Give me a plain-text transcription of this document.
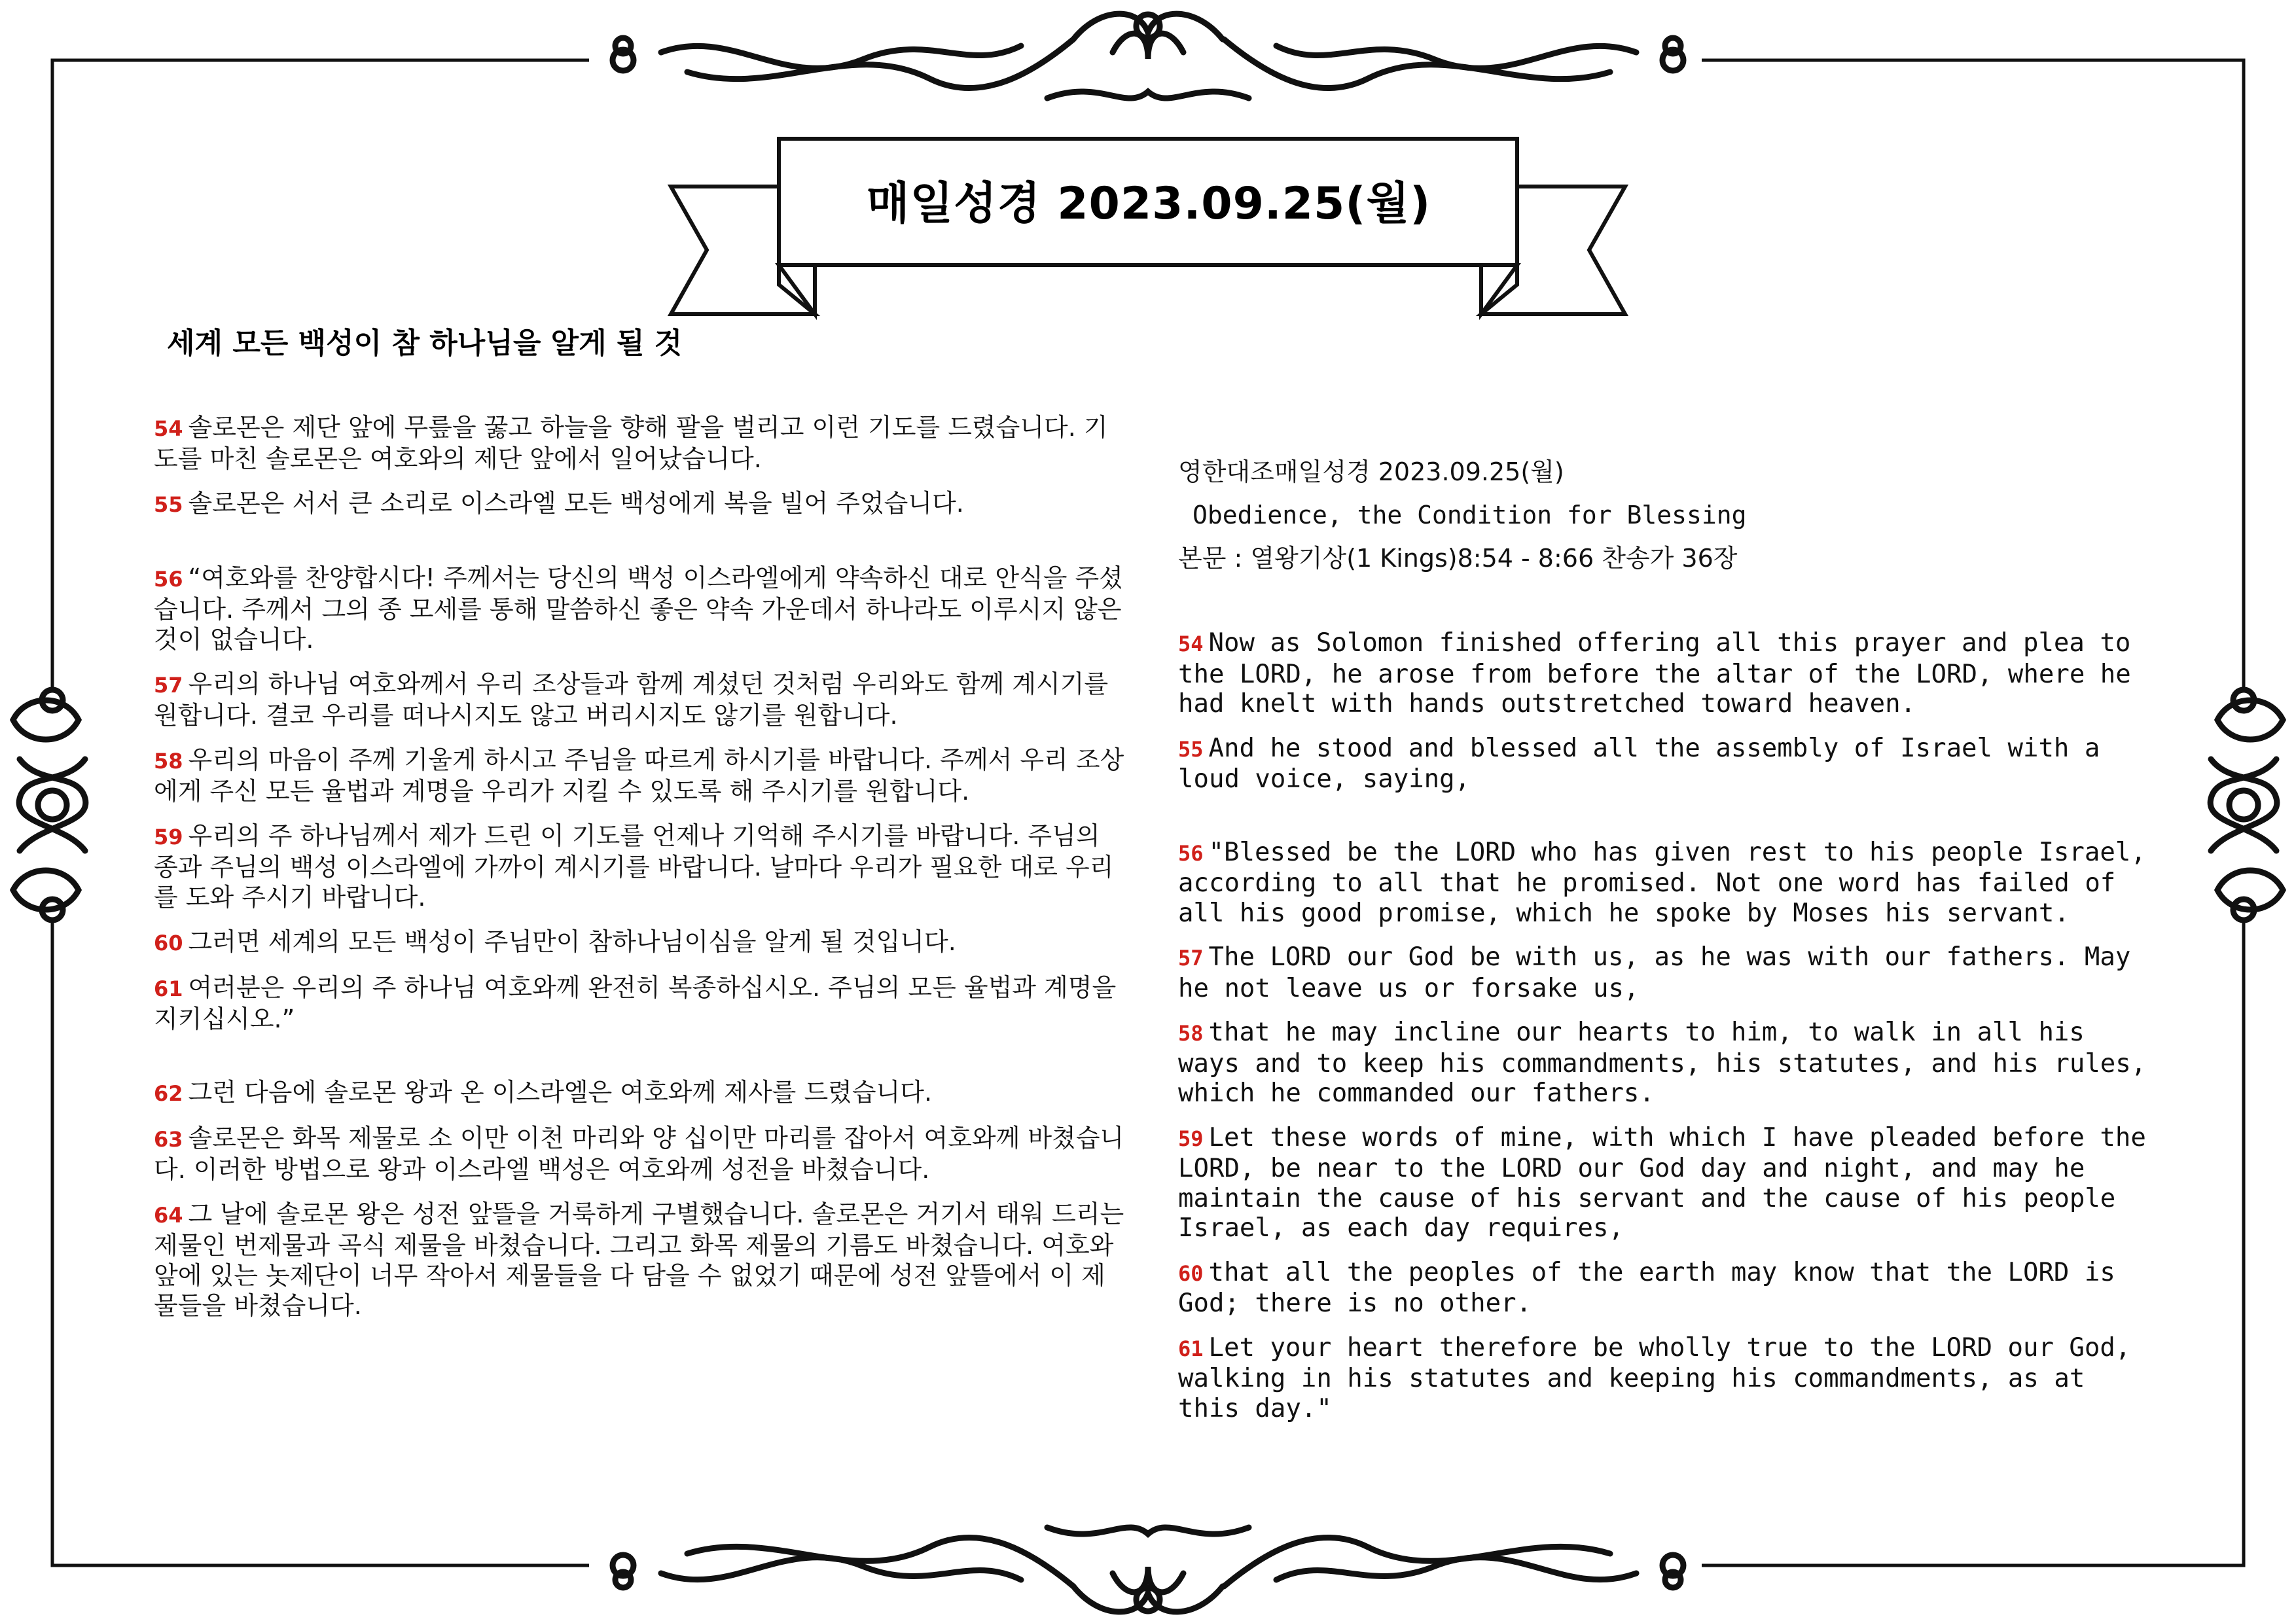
매일성경 2023.09.25(월)
세계 모든 백성이 참 하나님을 알게 될 것

54 솔로몬은 제단 앞에 무릎을 꿇고 하늘을 향해 팔을 벌리고 이런 기도를 드렸습니다. 기도를 마친 솔로몬은 여호와의 제단 앞에서 일어났습니다.

55 솔로몬은 서서 큰 소리로 이스라엘 모든 백성에게 복을 빌어 주었습니다.

56 “여호와를 찬양합시다! 주께서는 당신의 백성 이스라엘에게 약속하신 대로 안식을 주셨습니다. 주께서 그의 종 모세를 통해 말씀하신 좋은 약속 가운데서 하나라도 이루시지 않은 것이 없습니다.

57 우리의 하나님 여호와께서 우리 조상들과 함께 계셨던 것처럼 우리와도 함께 계시기를 원합니다. 결코 우리를 떠나시지도 않고 버리시지도 않기를 원합니다.

58 우리의 마음이 주께 기울게 하시고 주님을 따르게 하시기를 바랍니다. 주께서 우리 조상에게 주신 모든 율법과 계명을 우리가 지킬 수 있도록 해 주시기를 원합니다.

59 우리의 주 하나님께서 제가 드린 이 기도를 언제나 기억해 주시기를 바랍니다. 주님의 종과 주님의 백성 이스라엘에 가까이 계시기를 바랍니다. 날마다 우리가 필요한 대로 우리를 도와 주시기 바랍니다.

60 그러면 세계의 모든 백성이 주님만이 참하나님이심을 알게 될 것입니다.

61 여러분은 우리의 주 하나님 여호와께 완전히 복종하십시오. 주님의 모든 율법과 계명을 지키십시오.”

62 그런 다음에 솔로몬 왕과 온 이스라엘은 여호와께 제사를 드렸습니다.

63 솔로몬은 화목 제물로 소 이만 이천 마리와 양 십이만 마리를 잡아서 여호와께 바쳤습니다. 이러한 방법으로 왕과 이스라엘 백성은 여호와께 성전을 바쳤습니다.

64 그 날에 솔로몬 왕은 성전 앞뜰을 거룩하게 구별했습니다. 솔로몬은 거기서 태워 드리는 제물인 번제물과 곡식 제물을 바쳤습니다. 그리고 화목 제물의 기름도 바쳤습니다. 여호와 앞에 있는 놋제단이 너무 작아서 제물들을 다 담을 수 없었기 때문에 성전 앞뜰에서 이 제물들을 바쳤습니다.

영한대조매일성경 2023.09.25(월)
Obedience, the Condition for Blessing
본문 : 열왕기상(1 Kings)8:54 - 8:66 찬송가 36장

54 Now as Solomon finished offering all this prayer and plea to the LORD, he arose from before the altar of the LORD, where he had knelt with hands outstretched toward heaven.

55 And he stood and blessed all the assembly of Israel with a loud voice, saying,

56 "Blessed be the LORD who has given rest to his people Israel, according to all that he promised. Not one word has failed of all his good promise, which he spoke by Moses his servant.

57 The LORD our God be with us, as he was with our fathers. May he not leave us or forsake us,

58 that he may incline our hearts to him, to walk in all his ways and to keep his commandments, his statutes, and his rules, which he commanded our fathers.

59 Let these words of mine, with which I have pleaded before the LORD, be near to the LORD our God day and night, and may he maintain the cause of his servant and the cause of his people Israel, as each day requires,

60 that all the peoples of the earth may know that the LORD is God; there is no other.

61 Let your heart therefore be wholly true to the LORD our God, walking in his statutes and keeping his commandments, as at this day."
